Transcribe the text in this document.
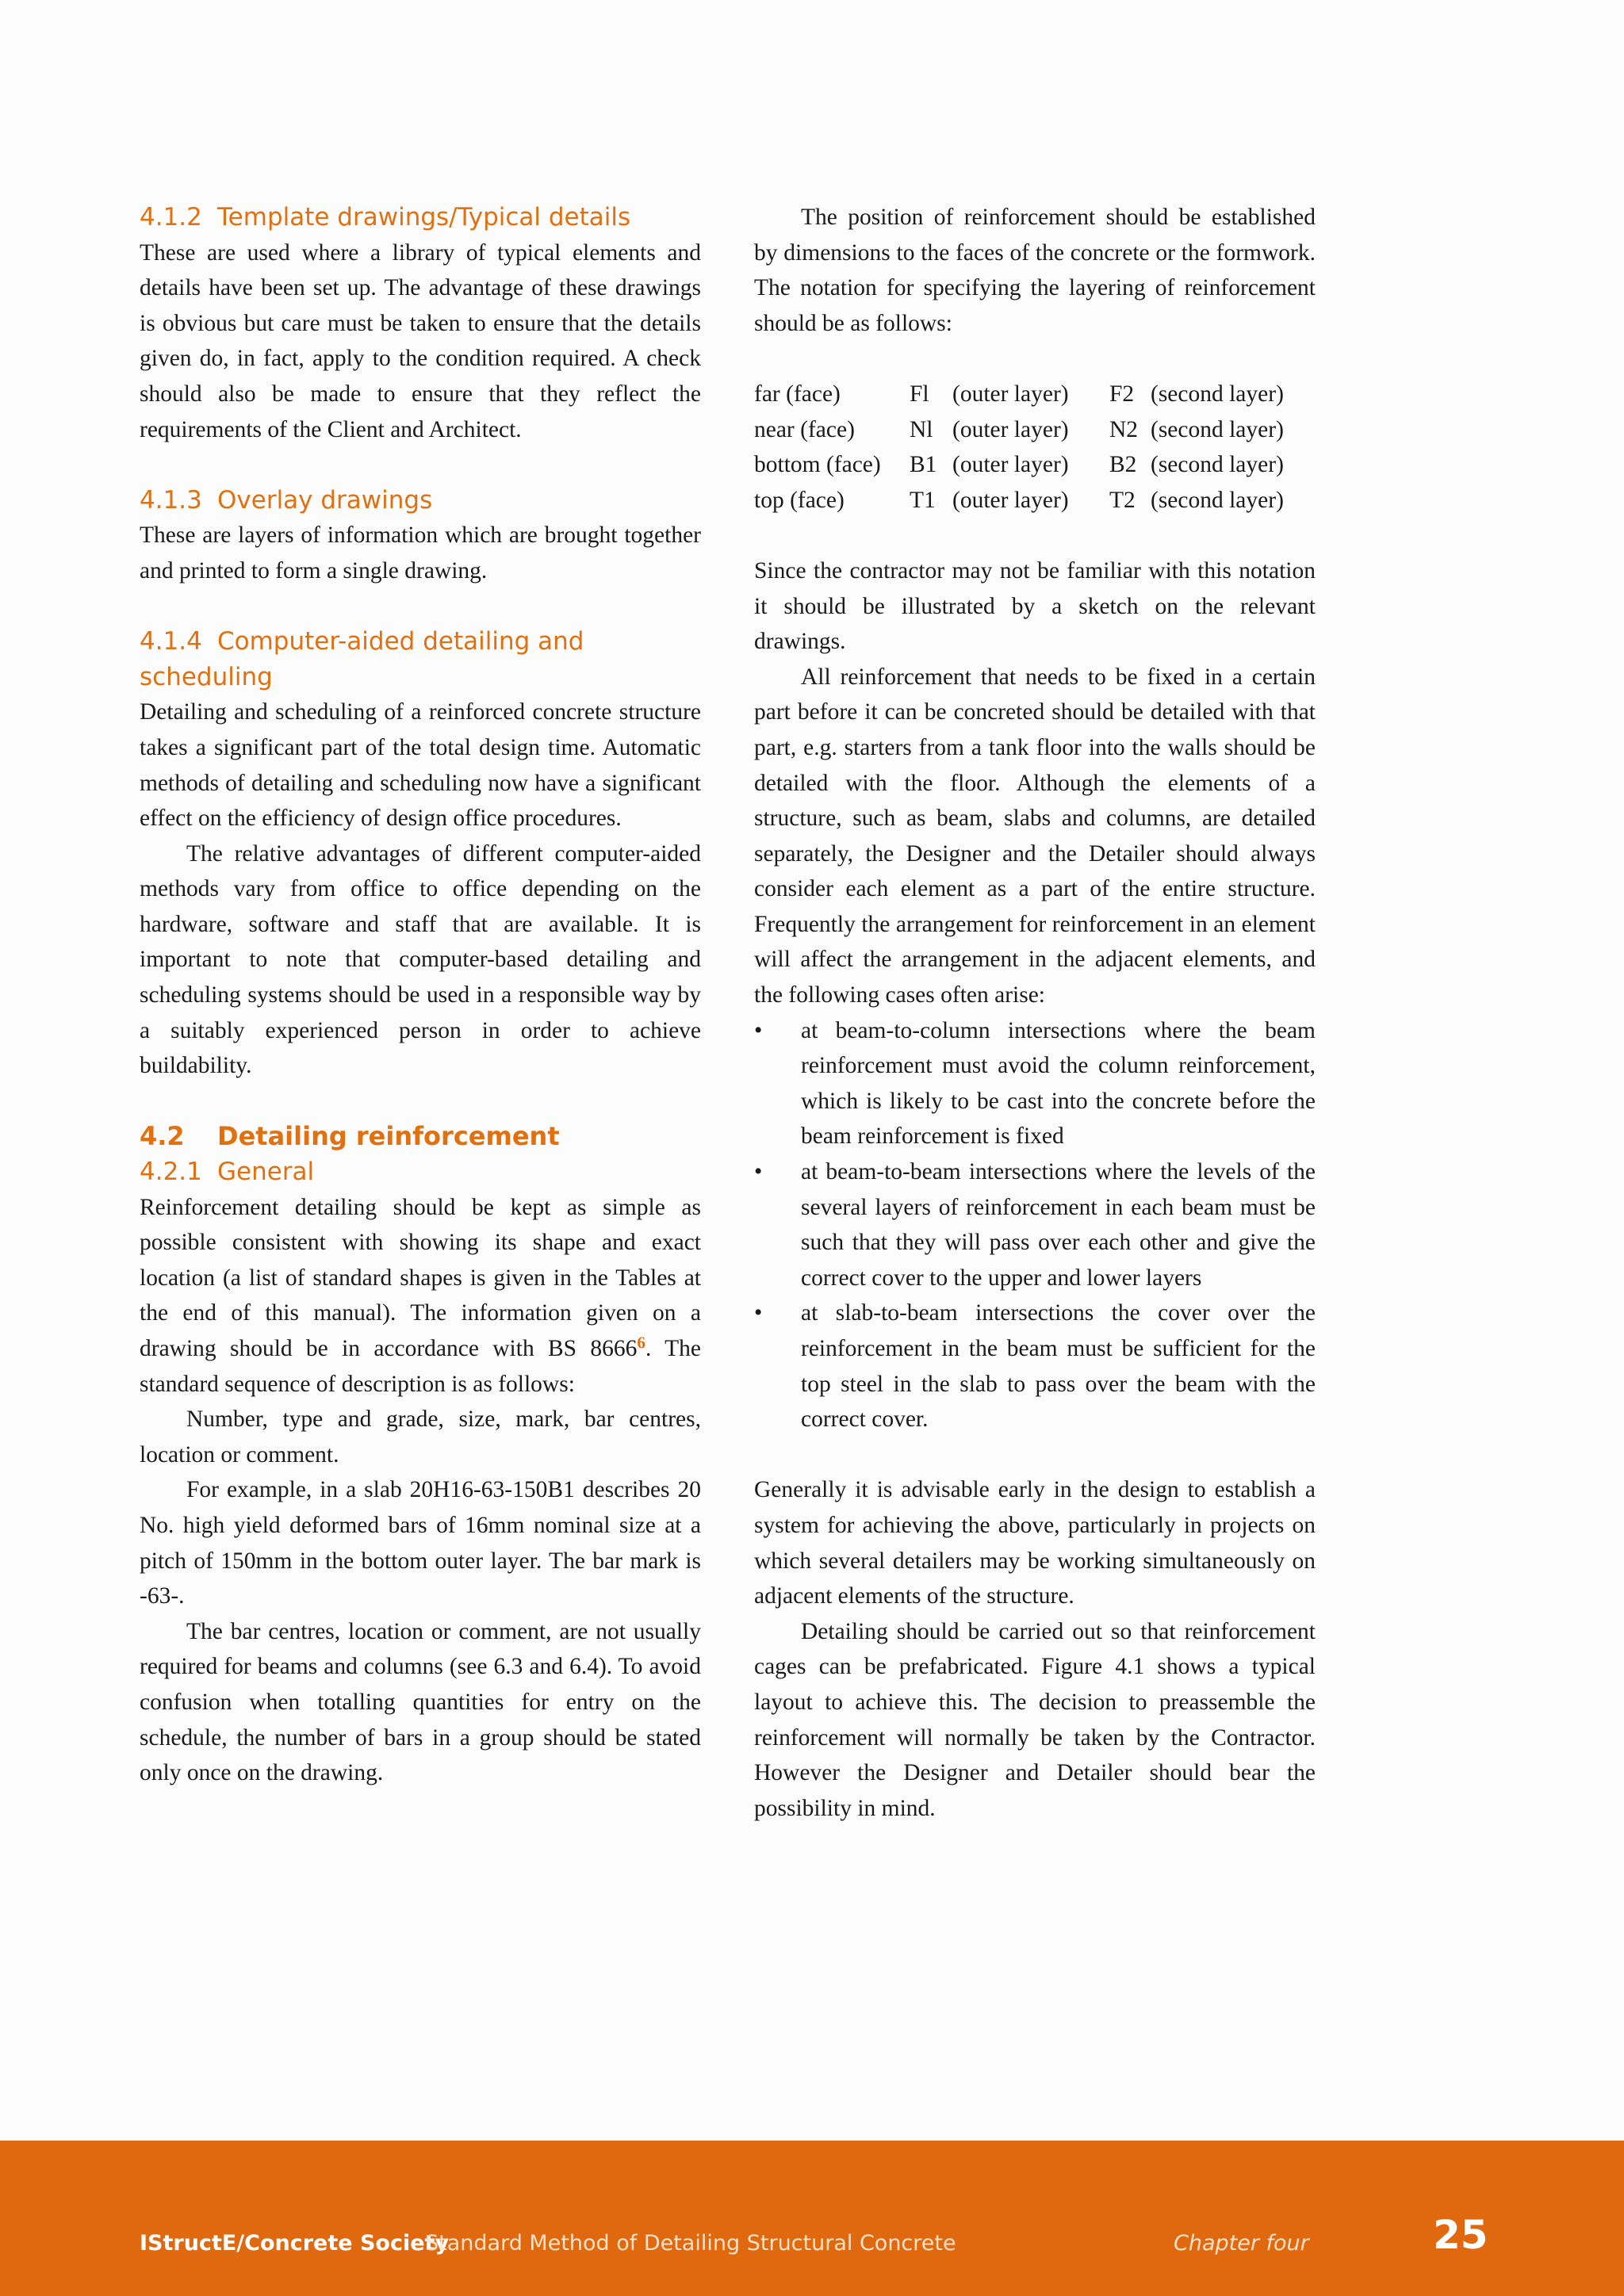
4.1.2 Template drawings/Typical details

These are used where a library of typical elements and details have been set up. The advantage of these drawings is obvious but care must be taken to ensure that the details given do, in fact, apply to the condition required. A check should also be made to ensure that they reflect the requirements of the Client and Architect.

4.1.3 Overlay drawings

These are layers of information which are brought together and printed to form a single drawing.

4.1.4 Computer-aided detailing and
scheduling

Detailing and scheduling of a reinforced concrete structure takes a significant part of the total design time. Automatic methods of detailing and scheduling now have a significant effect on the efficiency of design office procedures.

The relative advantages of different computer-aided methods vary from office to office depending on the hardware, software and staff that are available. It is important to note that computer-based detailing and scheduling systems should be used in a responsible way by a suitably experienced person in order to achieve buildability.

4.2 Detailing reinforcement
4.2.1 General

Reinforcement detailing should be kept as simple as possible consistent with showing its shape and exact location (a list of standard shapes is given in the Tables at the end of this manual). The information given on a drawing should be in accordance with BS 8666$^6$. The standard sequence of description is as follows:

Number, type and grade, size, mark, bar centres, location or comment.

For example, in a slab 20H16-63-150B1 describes 20 No. high yield deformed bars of 16mm nominal size at a pitch of 150mm in the bottom outer layer. The bar mark is -63-.

The bar centres, location or comment, are not usually required for beams and columns (see 6.3 and 6.4). To avoid confusion when totalling quantities for entry on the schedule, the number of bars in a group should be stated only once on the drawing.

The position of reinforcement should be established by dimensions to the faces of the concrete or the formwork. The notation for specifying the layering of reinforcement should be as follows:

far (face)	Fl	(outer layer)	F2	(second layer)
near (face)	Nl	(outer layer)	N2	(second layer)
bottom (face)	B1	(outer layer)	B2	(second layer)
top (face)	T1	(outer layer)	T2	(second layer)

Since the contractor may not be familiar with this notation it should be illustrated by a sketch on the relevant drawings.

All reinforcement that needs to be fixed in a certain part before it can be concreted should be detailed with that part, e.g. starters from a tank floor into the walls should be detailed with the floor. Although the elements of a structure, such as beam, slabs and columns, are detailed separately, the Designer and the Detailer should always consider each element as a part of the entire structure. Frequently the arrangement for reinforcement in an element will affect the arrangement in the adjacent elements, and the following cases often arise:

• at beam-to-column intersections where the beam reinforcement must avoid the column reinforcement, which is likely to be cast into the concrete before the beam reinforcement is fixed
• at beam-to-beam intersections where the levels of the several layers of reinforcement in each beam must be such that they will pass over each other and give the correct cover to the upper and lower layers
• at slab-to-beam intersections the cover over the reinforcement in the beam must be sufficient for the top steel in the slab to pass over the beam with the correct cover.

Generally it is advisable early in the design to establish a system for achieving the above, particularly in projects on which several detailers may be working simultaneously on adjacent elements of the structure.

Detailing should be carried out so that reinforcement cages can be prefabricated. Figure 4.1 shows a typical layout to achieve this. The decision to preassemble the reinforcement will normally be taken by the Contractor. However the Designer and Detailer should bear the possibility in mind.

IStructE/Concrete Society
Standard Method of Detailing Structural Concrete	Chapter four	25
